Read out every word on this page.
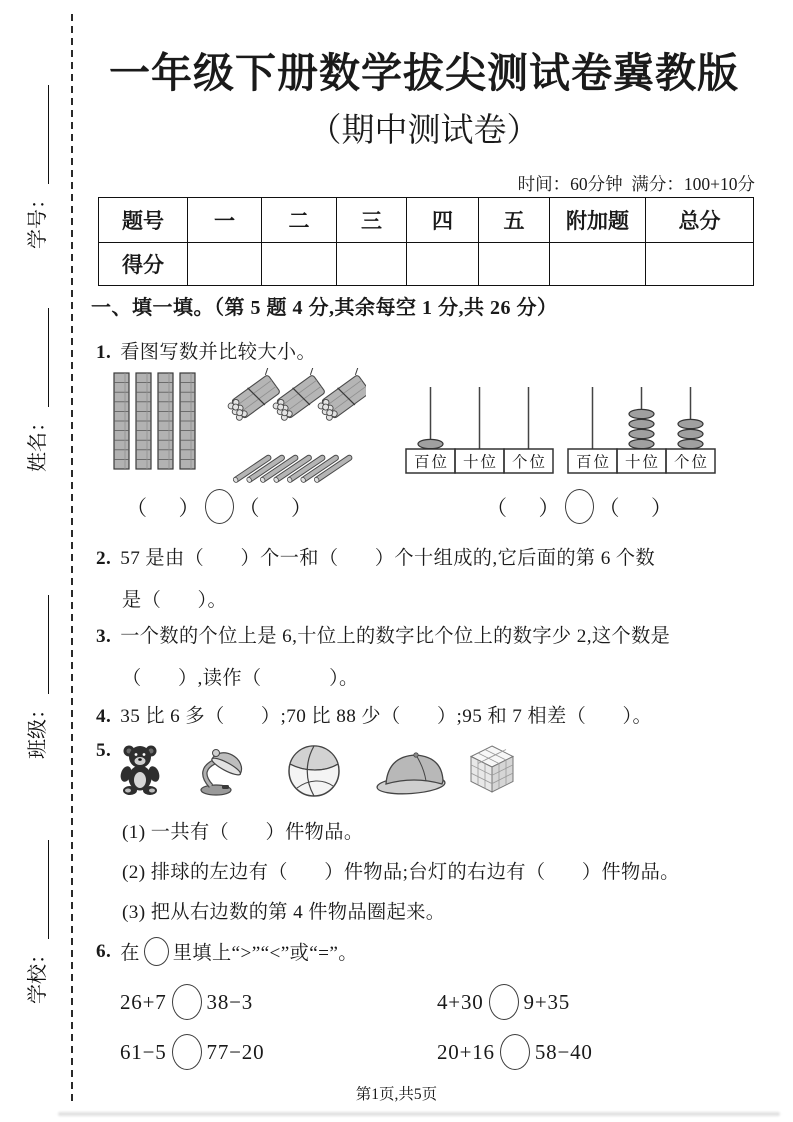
学号：
姓名：
班级：
学校：
一年级下册数学拔尖测试卷冀教版
（期中测试卷）
时间：60分钟  满分：100+10分
题号	一	二	三	四	五	附加题	总分
得分							
一、填一填。（第 5 题 4 分,其余每空 1 分,共 26 分）
1. 看图写数并比较大小。
百位 十位 个位 百位 十位 个位
（      ） （      ）	（      ） （      ）
2. 57 是由（       ）个一和（       ）个十组成的,它后面的第 6 个数
是（       ）。
3. 一个数的个位上是 6,十位上的数字比个位上的数字少 2,这个数是
（       ）,读作（             ）。
4. 35 比 6 多（       ）;70 比 88 少（       ）;95 和 7 相差（       ）。
5.
(1) 一共有（       ）件物品。
(2) 排球的左边有（       ）件物品;台灯的右边有（       ）件物品。
(3) 把从右边数的第 4 件物品圈起来。
6. 在 里填上“>”“<”或“=”。
26+7 38−3	4+30 9+35
61−5 77−20	20+16 58−40
第1页,共5页
